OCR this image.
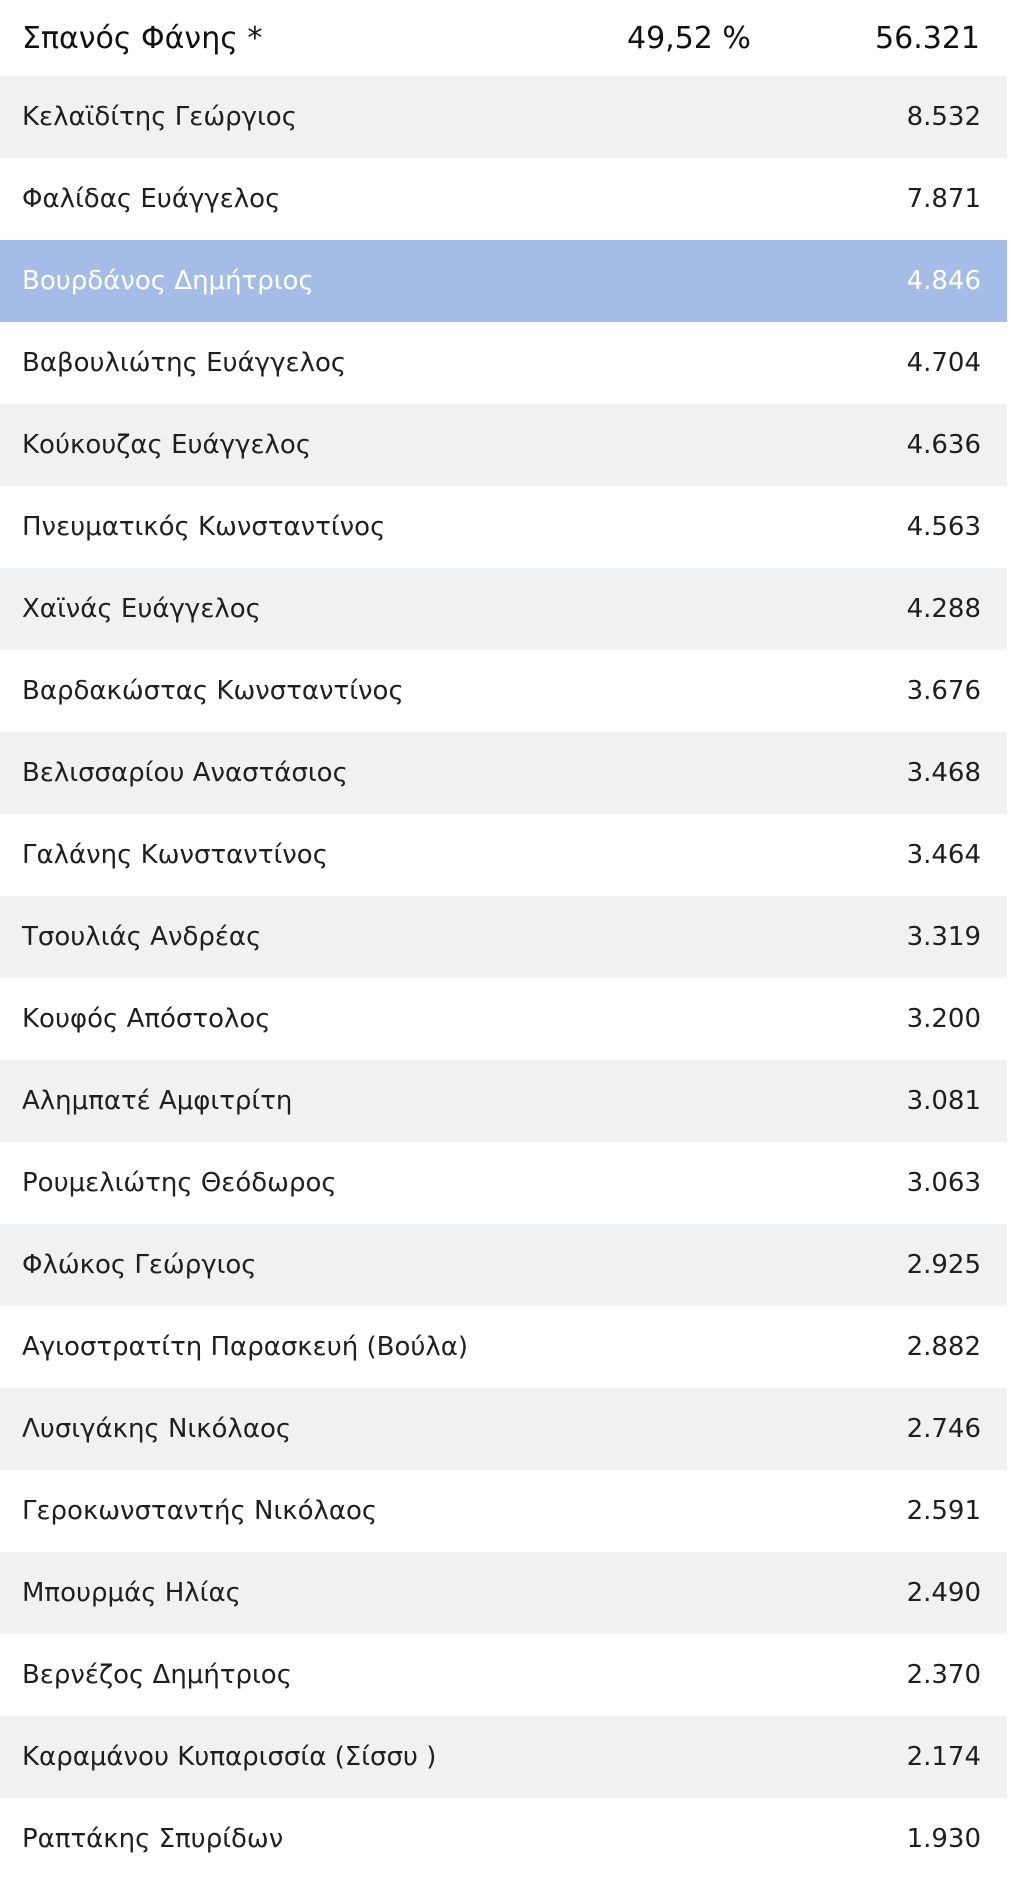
Σπανός Φάνης *	49,52 %	56.321
Κελαϊδίτης Γεώργιος	8.532
Φαλίδας Ευάγγελος	7.871
Βουρδάνος Δημήτριος	4.846
Βαβουλιώτης Ευάγγελος	4.704
Κούκουζας Ευάγγελος	4.636
Πνευματικός Κωνσταντίνος	4.563
Χαϊνάς Ευάγγελος	4.288
Βαρδακώστας Κωνσταντίνος	3.676
Βελισσαρίου Αναστάσιος	3.468
Γαλάνης Κωνσταντίνος	3.464
Τσουλιάς Ανδρέας	3.319
Κουφός Απόστολος	3.200
Αλημπατέ Αμφιτρίτη	3.081
Ρουμελιώτης Θεόδωρος	3.063
Φλώκος Γεώργιος	2.925
Αγιοστρατίτη Παρασκευή (Βούλα)	2.882
Λυσιγάκης Νικόλαος	2.746
Γεροκωνσταντής Νικόλαος	2.591
Μπουρμάς Ηλίας	2.490
Βερνέζος Δημήτριος	2.370
Καραμάνου Κυπαρισσία (Σίσσυ )	2.174
Ραπτάκης Σπυρίδων	1.930
